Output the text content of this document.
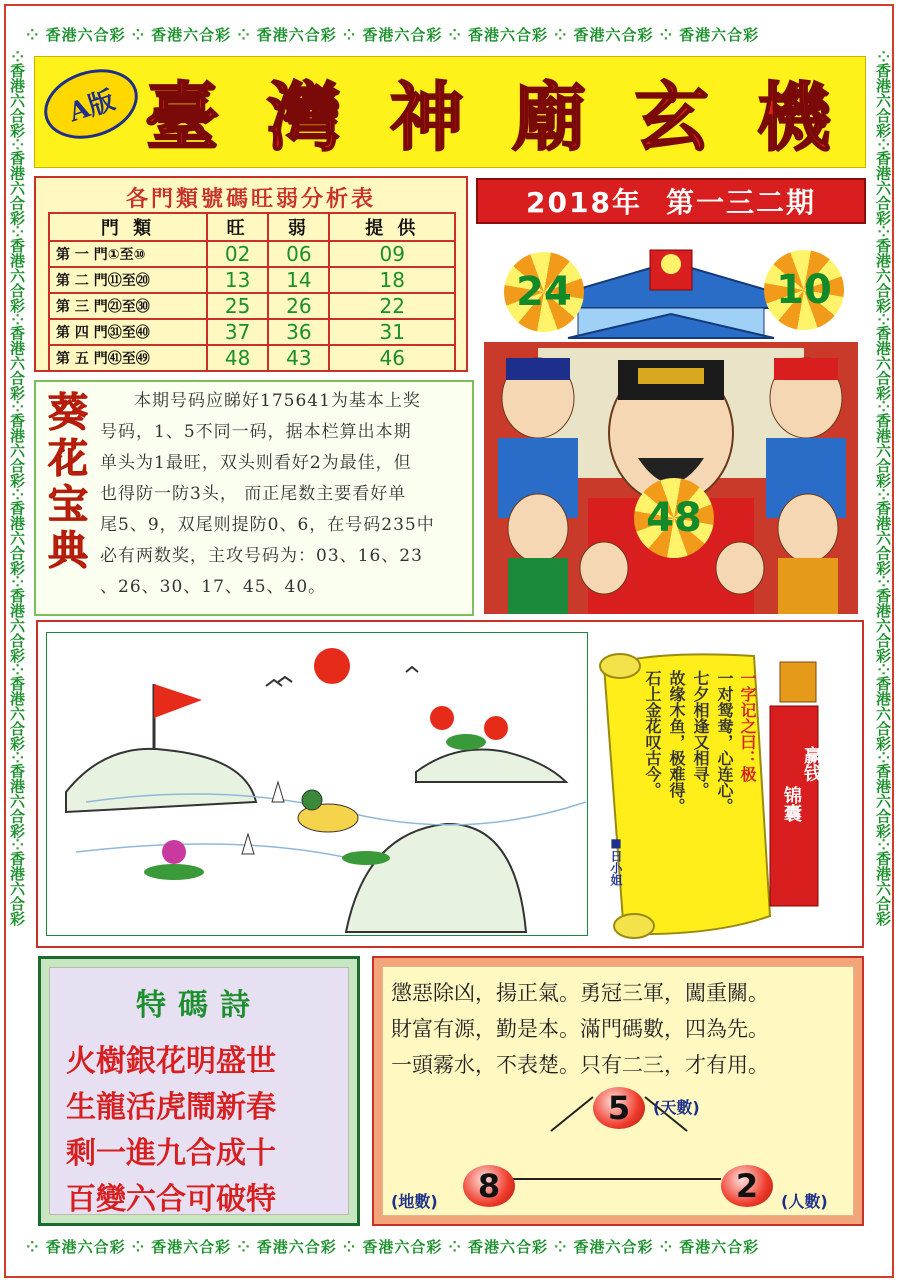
⁘ 香港六合彩 ⁘ 香港六合彩 ⁘ 香港六合彩 ⁘ 香港六合彩 ⁘ 香港六合彩 ⁘ 香港六合彩 ⁘ 香港六合彩
⁘ 香港六合彩 ⁘ 香港六合彩 ⁘ 香港六合彩 ⁘ 香港六合彩 ⁘ 香港六合彩 ⁘ 香港六合彩 ⁘ 香港六合彩
⁘香港六合彩⁘香港六合彩⁘香港六合彩⁘香港六合彩⁘香港六合彩⁘香港六合彩⁘香港六合彩⁘香港六合彩⁘香港六合彩⁘香港六合彩
⁘香港六合彩⁘香港六合彩⁘香港六合彩⁘香港六合彩⁘香港六合彩⁘香港六合彩⁘香港六合彩⁘香港六合彩⁘香港六合彩⁘香港六合彩
A版 臺 灣 神 廟 玄 機
各門類號碼旺弱分析表
門 類	旺	弱	提 供
第 一 門①至⑩	02	06	09
第 二 門⑪至⑳	13	14	18
第 三 門㉑至㉚	25	26	22
第 四 門㉛至㊵	37	36	31
第 五 門㊶至㊾	48	43	46
2018年 第一三二期
24	10
48
葵
花
宝
典
本期号码应睇好175641为基本上奖
号码，1、5不同一码，据本栏算出本期
单头为1最旺，双头则看好2为最佳，但
也得防一防3头， 而正尾数主要看好单
尾5、9，双尾则提防0、6，在号码235中
必有两数奖，主攻号码为：03、16、23
、26、30、17、45、40。
一字记之曰：极
一对鸳鸯，心连心。
七夕相逢又相寻。
故缘木鱼，极难得。
石上金花叹古今。
■日小姐
锦囊
赢钱
特碼詩
火樹銀花明盛世
生龍活虎鬧新春
剩一進九合成十
百變六合可破特
懲惡除凶，揚正氣。勇冠三軍，闖重關。
財富有源，勤是本。滿門碼數，四為先。
一頭霧水，不表楚。只有二三，才有用。
5	(天數)
8
(地數)	2	(人數)
